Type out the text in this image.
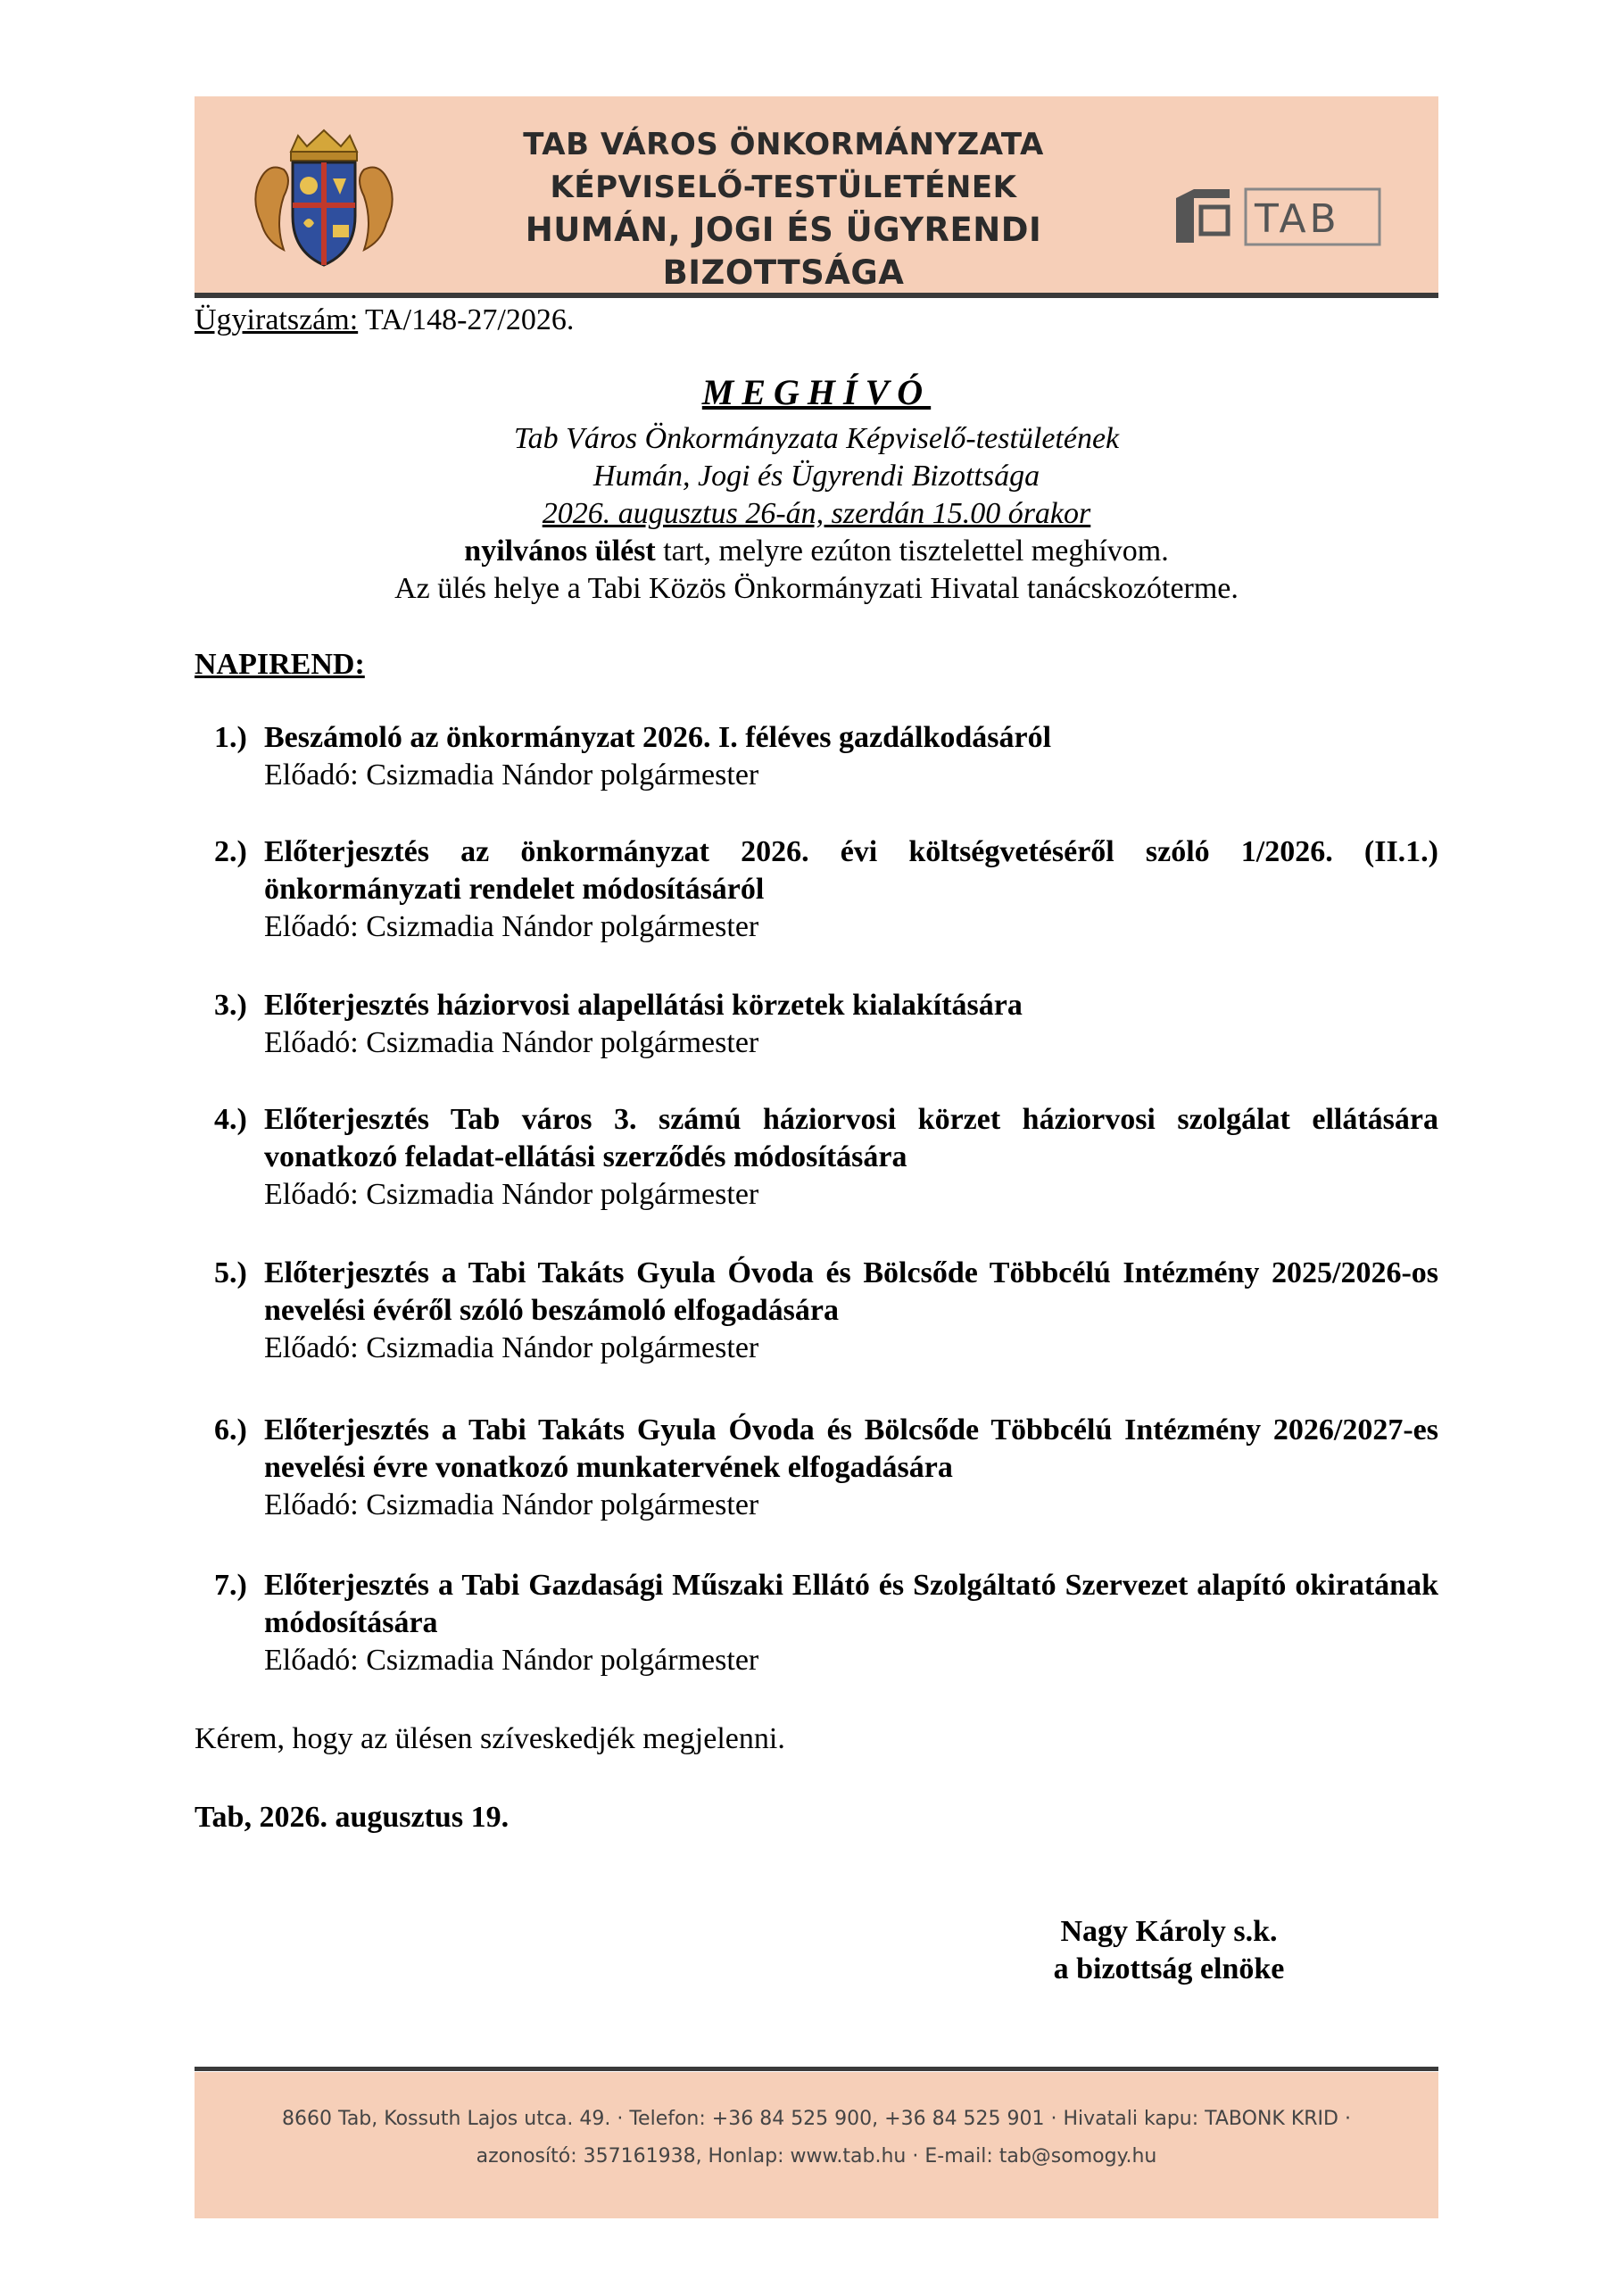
TAB VÁROS ÖNKORMÁNYZATA
KÉPVISELŐ-TESTÜLETÉNEK
HUMÁN, JOGI ÉS ÜGYRENDI BIZOTTSÁGA
TAB
Ügyiratszám: TA/148-27/2026.
MEGHÍVÓ
Tab Város Önkormányzata Képviselő-testületének
Humán, Jogi és Ügyrendi Bizottsága
2026. augusztus 26-án, szerdán 15.00 órakor
nyilvános ülést tart, melyre ezúton tisztelettel meghívom.
Az ülés helye a Tabi Közös Önkormányzati Hivatal tanácskozóterme.
NAPIREND:
1.) Beszámoló az önkormányzat 2026. I. féléves gazdálkodásáról
Előadó: Csizmadia Nándor polgármester
2.) Előterjesztés az önkormányzat 2026. évi költségvetéséről szóló 1/2026. (II.1.) önkormányzati rendelet módosításáról
Előadó: Csizmadia Nándor polgármester
3.) Előterjesztés háziorvosi alapellátási körzetek kialakítására
Előadó: Csizmadia Nándor polgármester
4.) Előterjesztés Tab város 3. számú háziorvosi körzet háziorvosi szolgálat ellátására vonatkozó feladat-ellátási szerződés módosítására
Előadó: Csizmadia Nándor polgármester
5.) Előterjesztés a Tabi Takáts Gyula Óvoda és Bölcsőde Többcélú Intézmény 2025/2026-os nevelési évéről szóló beszámoló elfogadására
Előadó: Csizmadia Nándor polgármester
6.) Előterjesztés a Tabi Takáts Gyula Óvoda és Bölcsőde Többcélú Intézmény 2026/2027-es nevelési évre vonatkozó munkatervének elfogadására
Előadó: Csizmadia Nándor polgármester
7.) Előterjesztés a Tabi Gazdasági Műszaki Ellátó és Szolgáltató Szervezet alapító okiratának módosítására
Előadó: Csizmadia Nándor polgármester
Kérem, hogy az ülésen szíveskedjék megjelenni.
Tab, 2026. augusztus 19.
Nagy Károly s.k.
a bizottság elnöke
8660 Tab, Kossuth Lajos utca. 49. · Telefon: +36 84 525 900, +36 84 525 901 · Hivatali kapu: TABONK KRID ·
azonosító: 357161938, Honlap: www.tab.hu · E-mail: tab@somogy.hu
